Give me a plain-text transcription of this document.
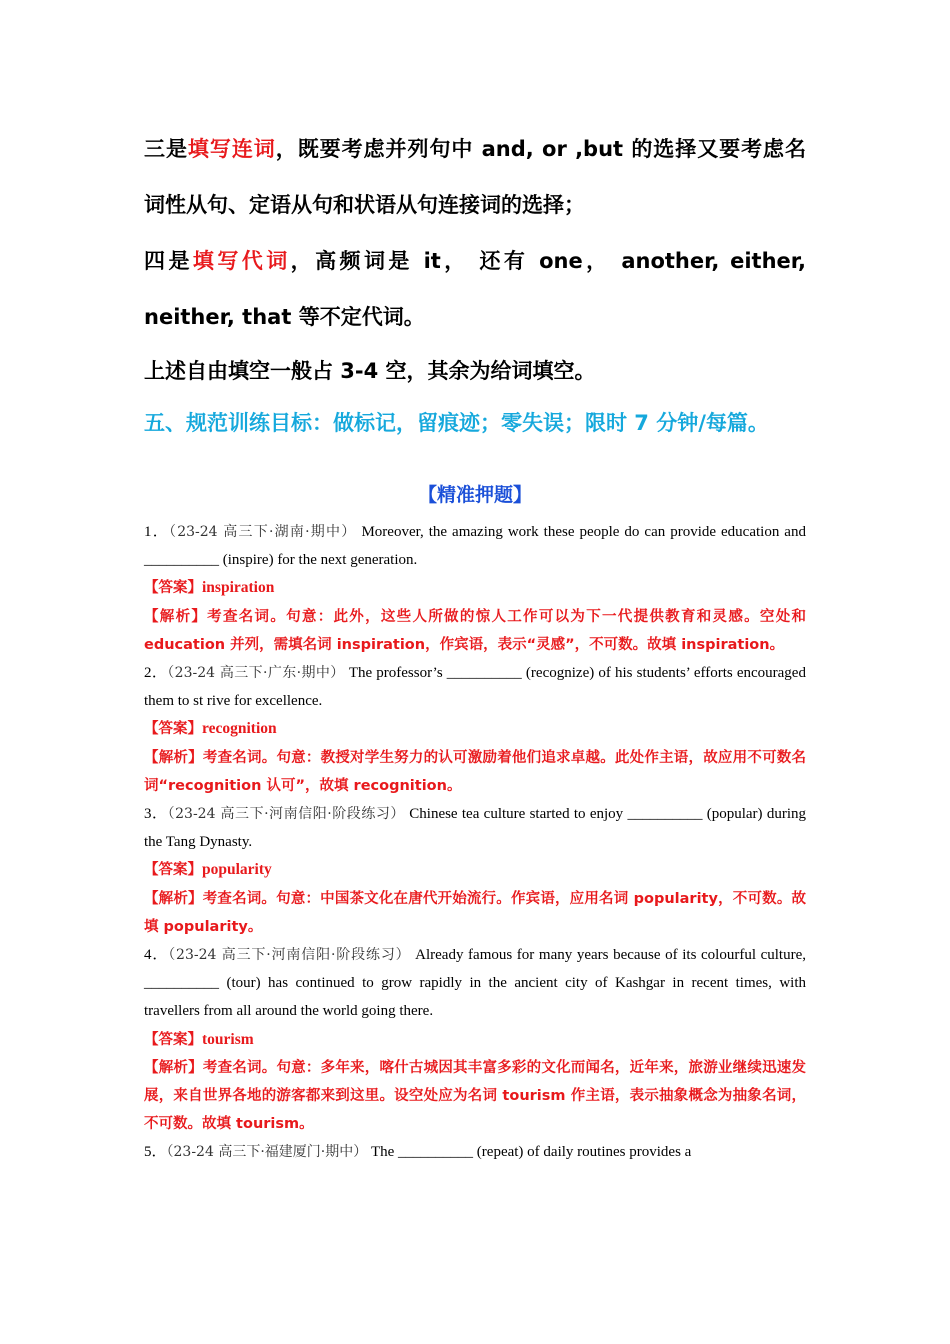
三是填写连词，既要考虑并列句中 and, or ,but 的选择又要考虑名

词性从句、定语从句和状语从句连接词的选择；

四是填写代词，高频词是 it， 还有 one， another, either,

neither, that 等不定代词。

上述自由填空一般占 3-4 空，其余为给词填空。

五、规范训练目标：做标记，留痕迹；零失误；限时 7 分钟/每篇。

【精准押题】

1．（23-24 高三下·湖南·期中） Moreover, the amazing work these people do can provide education and __________ (inspire) for the next generation.

【答案】inspiration

【解析】考查名词。句意：此外，这些人所做的惊人工作可以为下一代提供教育和灵感。空处和 education 并列，需填名词 inspiration，作宾语，表示“灵感”，不可数。故填 inspiration。

2．（23-24 高三下·广东·期中） The professor’s __________ (recognize) of his students’ efforts encouraged them to st rive for excellence.

【答案】recognition

【解析】考查名词。句意：教授对学生努力的认可激励着他们追求卓越。此处作主语，故应用不可数名词“recognition 认可”，故填 recognition。

3．（23-24 高三下·河南信阳·阶段练习） Chinese tea culture started to enjoy __________ (popular) during the Tang Dynasty.

【答案】popularity

【解析】考查名词。句意：中国茶文化在唐代开始流行。作宾语，应用名词 popularity，不可数。故填 popularity。

4．（23-24 高三下·河南信阳·阶段练习） Already famous for many years because of its colourful culture, __________ (tour) has continued to grow rapidly in the ancient city of Kashgar in recent times, with travellers from all around the world going there.

【答案】tourism

【解析】考查名词。句意：多年来，喀什古城因其丰富多彩的文化而闻名，近年来，旅游业继续迅速发展，来自世界各地的游客都来到这里。设空处应为名词 tourism 作主语，表示抽象概念为抽象名词，不可数。故填 tourism。

5．（23-24 高三下·福建厦门·期中） The __________ (repeat) of daily routines provides a
